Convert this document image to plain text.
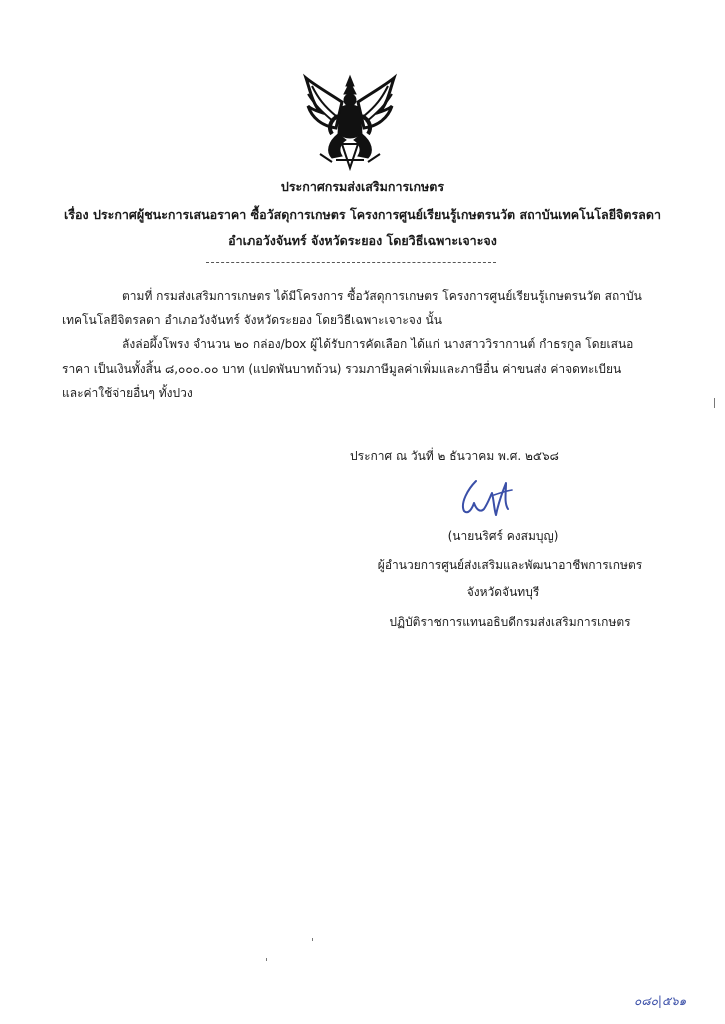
ประกาศกรมส่งเสริมการเกษตร
เรื่อง ประกาศผู้ชนะการเสนอราคา ซื้อวัสดุการเกษตร โครงการศูนย์เรียนรู้เกษตรนวัต สถาบันเทคโนโลยีจิตรลดา
อำเภอวังจันทร์ จังหวัดระยอง โดยวิธีเฉพาะเจาะจง
ตามที่ กรมส่งเสริมการเกษตร ได้มีโครงการ ซื้อวัสดุการเกษตร โครงการศูนย์เรียนรู้เกษตรนวัต สถาบัน
เทคโนโลยีจิตรลดา อำเภอวังจันทร์ จังหวัดระยอง โดยวิธีเฉพาะเจาะจง นั้น
ลังล่อผึ้งโพรง จำนวน ๒๐ กล่อง/box ผู้ได้รับการคัดเลือก ได้แก่ นางสาววิรากานต์ กำธรกูล โดยเสนอ
ราคา เป็นเงินทั้งสิ้น ๘,๐๐๐.๐๐ บาท (แปดพันบาทถ้วน) รวมภาษีมูลค่าเพิ่มและภาษีอื่น ค่าขนส่ง ค่าจดทะเบียน
และค่าใช้จ่ายอื่นๆ ทั้งปวง
ประกาศ ณ วันที่ ๒ ธันวาคม พ.ศ. ๒๕๖๘
(นายนริศร์ คงสมบุญ)
ผู้อำนวยการศูนย์ส่งเสริมและพัฒนาอาชีพการเกษตร
จังหวัดจันทบุรี
ปฏิบัติราชการแทนอธิบดีกรมส่งเสริมการเกษตร
๐๘๐|๕๖๑
